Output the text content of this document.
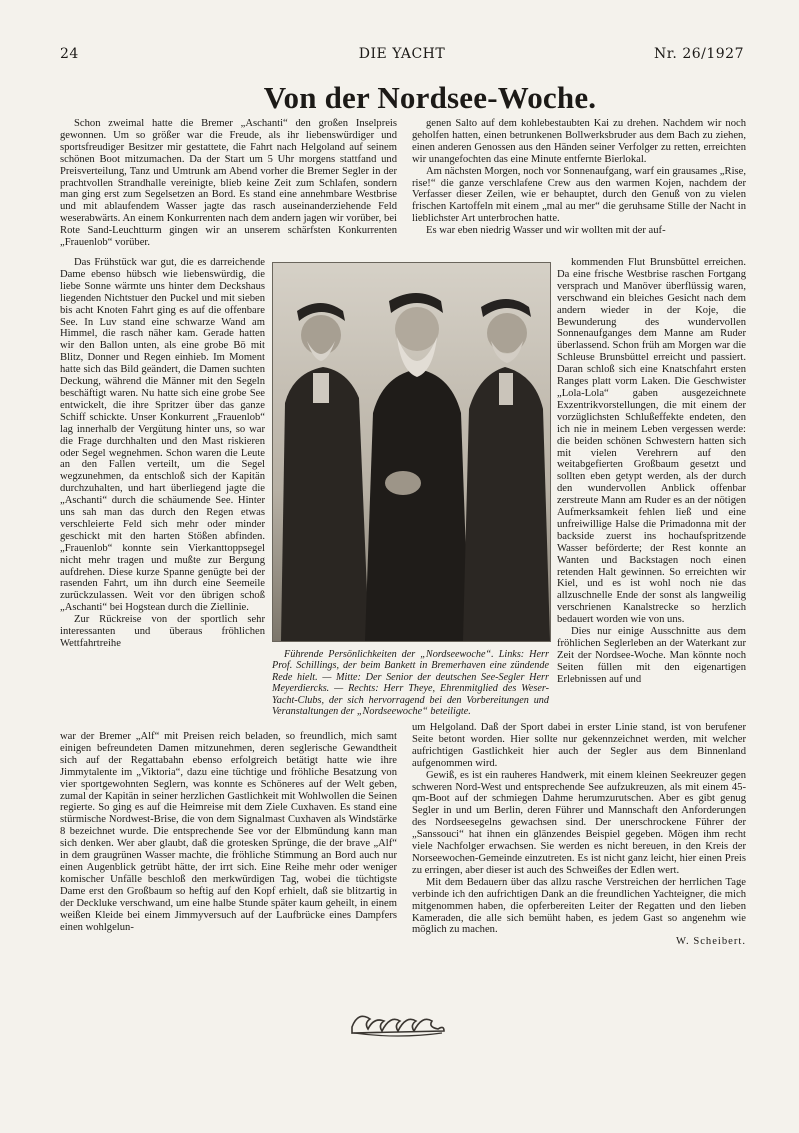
DIE YACHT
24	Nr. 26/1927
Von der Nordsee-Woche.

Schon zweimal hatte die Bremer „Aschanti“ den großen Inselpreis gewonnen. Um so größer war die Freude, als ihr liebenswürdiger und sportsfreudiger Besitzer mir gestattete, die Fahrt nach Helgoland auf seinem schönen Boot mitzumachen. Da der Start um 5 Uhr morgens stattfand und Preisverteilung, Tanz und Umtrunk am Abend vorher die Bremer Segler in der prachtvollen Strandhalle vereinigte, blieb keine Zeit zum Schlafen, sondern man ging erst zum Segelsetzen an Bord. Es stand eine annehmbare Westbrise und mit ablaufendem Wasser jagte das rasch auseinanderziehende Feld weserabwärts. An einem Konkurrenten nach dem andern jagen wir vorüber, bei Rote Sand-Leuchtturm gingen wir an unserem schärfsten Konkurrenten „Frauenlob“ vorüber.

Das Frühstück war gut, die es darreichende Dame ebenso hübsch wie liebenswürdig, die liebe Sonne wärmte uns hinter dem Deckshaus liegenden Nichtstuer den Puckel und mit sieben bis acht Knoten Fahrt ging es auf die offenbare See. In Luv stand eine schwarze Wand am Himmel, die rasch näher kam. Gerade hatten wir den Ballon unten, als eine grobe Bö mit Blitz, Donner und Regen einhieb. Im Moment hatte sich das Bild geändert, die Damen suchten Deckung, während die Männer mit den Segeln beschäftigt waren. Nu hatte sich eine grobe See entwickelt, die ihre Spritzer über das ganze Schiff schickte. Unser Konkurrent „Frauenlob“ lag innerhalb der Vergütung hinter uns, so war die Frage durchhalten und den Mast riskieren oder Segel wegnehmen. Schon waren die Leute an den Fallen verteilt, um die Segel wegzunehmen, da entschloß sich der Kapitän durchzuhalten, und hart überliegend jagte die „Aschanti“ durch die schäumende See. Hinter uns sah man das durch den Regen etwas verschleierte Feld sich mehr oder minder geschickt mit den harten Stößen abfinden. „Frauenlob“ konnte sein Vierkanttoppsegel nicht mehr tragen und mußte zur Bergung aufdrehen. Diese kurze Spanne genügte bei der rasenden Fahrt, um ihn durch eine Seemeile zurückzulassen. Weit vor den übrigen schoß „Aschanti“ bei Hogstean durch die Ziellinie.

Zur Rückreise von der sportlich sehr interessanten und überaus fröhlichen Wettfahrtreihe

genen Salto auf dem kohlebestaubten Kai zu drehen. Nachdem wir noch geholfen hatten, einen betrunkenen Bollwerksbruder aus dem Bach zu ziehen, einen anderen Genossen aus den Händen seiner Verfolger zu retten, erreichten wir unangefochten das eine Minute entfernte Bierlokal.

Am nächsten Morgen, noch vor Sonnenaufgang, warf ein grausames „Rise, rise!“ die ganze verschlafene Crew aus den warmen Kojen, nachdem der Verfasser dieser Zeilen, wie er behauptet, durch den Genuß von zu vielen frischen Kartoffeln mit einem „mal au mer“ die geruhsame Stille der Nacht in lieblichster Art unterbrochen hatte.

Es war eben niedrig Wasser und wir wollten mit der auf-

kommenden Flut Brunsbüttel erreichen. Da eine frische Westbrise raschen Fortgang versprach und Manöver überflüssig waren, verschwand ein bleiches Gesicht nach dem andern wieder in der Koje, die Bewunderung des wundervollen Sonnenaufganges dem Manne am Ruder überlassend. Schon früh am Morgen war die Schleuse Brunsbüttel erreicht und passiert. Daran schloß sich eine Knatschfahrt ersten Ranges platt vorm Laken. Die Geschwister „Lola-Lola“ gaben ausgezeichnete Exzentrikvorstellungen, die mit einem der vorzüglichsten Schlußeffekte endeten, den ich nie in meinem Leben vergessen werde: die beiden schönen Schwestern hatten sich mit vielen Verehrern auf den weitabgefierten Großbaum gesetzt und sollten eben getypt werden, als der durch den wundervollen Anblick offenbar zerstreute Mann am Ruder es an der nötigen Aufmerksamkeit fehlen ließ und eine unfreiwillige Halse die Primadonna mit der backside zuerst ins hochaufspritzende Wasser beförderte; der Rest konnte an Wanten und Backstagen noch einen retenden Halt gewinnen. So erreichten wir Kiel, und es ist wohl noch nie das allzuschnelle Ende der sonst als langweilig verschrienen Kanalstrecke so herzlich bedauert worden wie von uns.

Dies nur einige Ausschnitte aus dem fröhlichen Seglerleben an der Waterkant zur Zeit der Nordsee-Woche. Man könnte noch Seiten füllen mit den eigenartigen Erlebnissen auf und

Führende Persönlichkeiten der „Nordseewoche“. Links: Herr Prof. Schillings, der beim Bankett in Bremerhaven eine zündende Rede hielt. — Mitte: Der Senior der deutschen See-Segler Herr Meyerdiercks. — Rechts: Herr Theye, Ehrenmitglied des Weser-Yacht-Clubs, der sich hervorragend bei den Vorbereitungen und Veranstaltungen der „Nordseewoche“ beteiligte.

war der Bremer „Alf“ mit Preisen reich beladen, so freundlich, mich samt einigen befreundeten Damen mitzunehmen, deren seglerische Gewandtheit sich auf der Regattabahn ebenso erfolgreich betätigt hatte wie ihre Jimmytalente im „Viktoria“, dazu eine tüchtige und fröhliche Besatzung von vier sportgewohnten Seglern, was konnte es Schöneres auf der Welt geben, zumal der Kapitän in seiner herzlichen Gastlichkeit mit Wohlwollen die Seinen regierte. So ging es auf die Heimreise mit dem Ziele Cuxhaven. Es stand eine stürmische Nordwest-Brise, die von dem Signalmast Cuxhaven als Windstärke 8 bezeichnet wurde. Die entsprechende See vor der Elbmündung kann man sich denken. Wer aber glaubt, daß die grotesken Sprünge, die der brave „Alf“ in dem graugrünen Wasser machte, die fröhliche Stimmung an Bord auch nur einen Augenblick getrübt hätte, der irrt sich. Eine Reihe mehr oder weniger komischer Unfälle beschloß den merkwürdigen Tag, wobei die tüchtigste Dame erst den Großbaum so heftig auf den Kopf erhielt, daß sie blitzartig in der Deckluke verschwand, um eine halbe Stunde später kaum geheilt, in einem weißen Kleide bei einem Jimmyversuch auf der Laufbrücke eines Dampfers einen wohlgelun-

um Helgoland. Daß der Sport dabei in erster Linie stand, ist von berufener Seite betont worden. Hier sollte nur gekennzeichnet werden, mit welcher aufrichtigen Gastlichkeit hier auch der Segler aus dem Binnenland aufgenommen wird.

Gewiß, es ist ein rauheres Handwerk, mit einem kleinen Seekreuzer gegen schweren Nord-West und entsprechende See aufzukreuzen, als mit einem 45-qm-Boot auf der schmiegen Dahme herumzurutschen. Aber es gibt genug Segler in und um Berlin, deren Führer und Mannschaft den Anforderungen des Nordseesegelns gewachsen sind. Der unerschrockene Führer der „Sanssouci“ hat ihnen ein glänzendes Beispiel gegeben. Mögen ihm recht viele Nachfolger erwachsen. Sie werden es nicht bereuen, in den Kreis der Norseewochen-Gemeinde einzutreten. Es ist nicht ganz leicht, hier einen Preis zu erringen, aber dieser ist auch des Schweißes der Edlen wert.

Mit dem Bedauern über das allzu rasche Verstreichen der herrlichen Tage verbinde ich den aufrichtigen Dank an die freundlichen Yachteigner, die mich mitgenommen haben, die opferbereiten Leiter der Regatten und den lieben Kameraden, die alle sich bemüht haben, es jedem Gast so angenehm wie möglich zu machen.

W. Scheibert.
